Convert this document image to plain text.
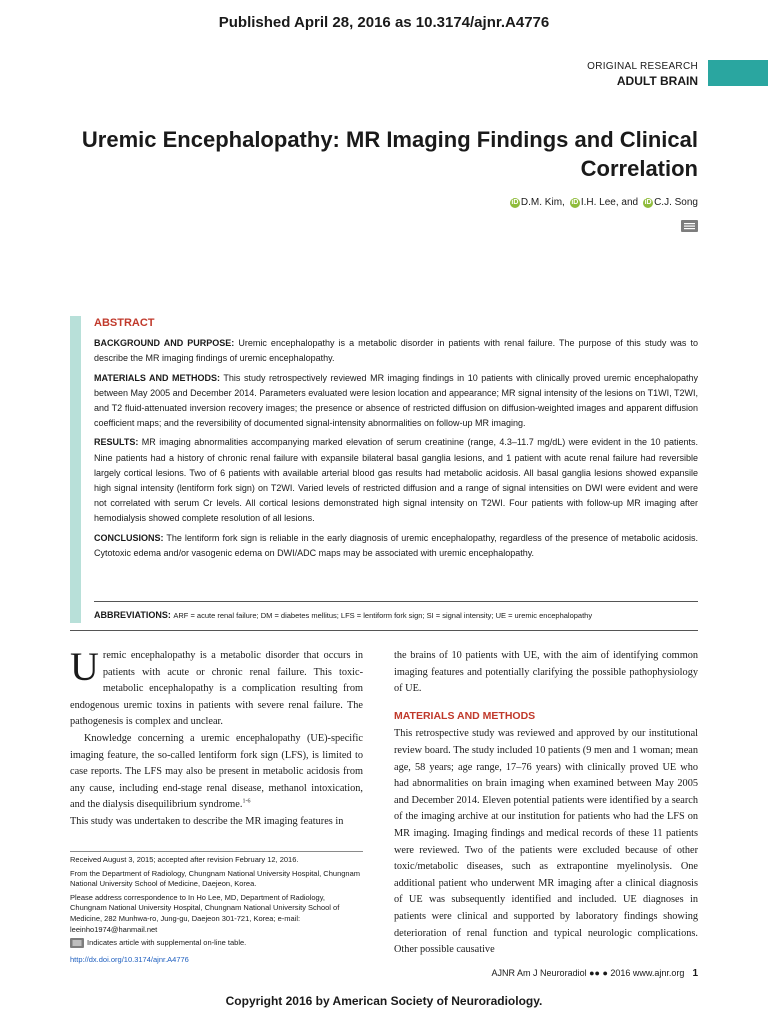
Published April 28, 2016 as 10.3174/ajnr.A4776
ORIGINAL RESEARCH
ADULT BRAIN
Uremic Encephalopathy: MR Imaging Findings and Clinical Correlation
iD D.M. Kim, iD I.H. Lee, and iD C.J. Song
ABSTRACT

BACKGROUND AND PURPOSE: Uremic encephalopathy is a metabolic disorder in patients with renal failure. The purpose of this study was to describe the MR imaging findings of uremic encephalopathy.

MATERIALS AND METHODS: This study retrospectively reviewed MR imaging findings in 10 patients with clinically proved uremic encephalopathy between May 2005 and December 2014. Parameters evaluated were lesion location and appearance; MR signal intensity of the lesions on T1WI, T2WI, and T2 fluid-attenuated inversion recovery images; the presence or absence of restricted diffusion on diffusion-weighted images and apparent diffusion coefficient maps; and the reversibility of documented signal-intensity abnormalities on follow-up MR imaging.

RESULTS: MR imaging abnormalities accompanying marked elevation of serum creatinine (range, 4.3–11.7 mg/dL) were evident in the 10 patients. Nine patients had a history of chronic renal failure with expansile bilateral basal ganglia lesions, and 1 patient with acute renal failure had reversible largely cortical lesions. Two of 6 patients with available arterial blood gas results had metabolic acidosis. All basal ganglia lesions showed expansile high signal intensity (lentiform fork sign) on T2WI. Varied levels of restricted diffusion and a range of signal intensities on DWI were evident and were not correlated with serum Cr levels. All cortical lesions demonstrated high signal intensity on T2WI. Four patients with follow-up MR imaging after hemodialysis showed complete resolution of all lesions.

CONCLUSIONS: The lentiform fork sign is reliable in the early diagnosis of uremic encephalopathy, regardless of the presence of metabolic acidosis. Cytotoxic edema and/or vasogenic edema on DWI/ADC maps may be associated with uremic encephalopathy.

ABBREVIATIONS: ARF = acute renal failure; DM = diabetes mellitus; LFS = lentiform fork sign; SI = signal intensity; UE = uremic encephalopathy

Uremic encephalopathy is a metabolic disorder that occurs in patients with acute or chronic renal failure. This toxic-metabolic encephalopathy is a complication resulting from endogenous uremic toxins in patients with severe renal failure. The pathogenesis is complex and unclear.

Knowledge concerning a uremic encephalopathy (UE)-specific imaging feature, the so-called lentiform fork sign (LFS), is limited to case reports. The LFS may also be present in metabolic acidosis from any cause, including end-stage renal disease, methanol intoxication, and the dialysis disequilibrium syndrome.$^{1-6}$

This study was undertaken to describe the MR imaging features in

the brains of 10 patients with UE, with the aim of identifying common imaging features and potentially clarifying the possible pathophysiology of UE.

MATERIALS AND METHODS

This retrospective study was reviewed and approved by our institutional review board. The study included 10 patients (9 men and 1 woman; mean age, 58 years; age range, 17–76 years) with clinically proved UE who had abnormalities on brain imaging when examined between May 2005 and December 2014. Eleven potential patients were identified by a search of the imaging archive at our institution for patients who had the LFS on MR imaging. Imaging findings and medical records of these 11 patients were reviewed. Two of the patients were excluded because of other toxic/metabolic diseases, such as extrapontine myelinolysis. One additional patient who underwent MR imaging after a clinical diagnosis of UE was subsequently identified and included. UE diagnoses in patients were clinical and supported by laboratory findings showing deterioration of renal function and typical neurologic complications. Other possible causative

Received August 3, 2015; accepted after revision February 12, 2016.

From the Department of Radiology, Chungnam National University Hospital, Chungnam National University School of Medicine, Daejeon, Korea.

Please address correspondence to In Ho Lee, MD, Department of Radiology, Chungnam National University Hospital, Chungnam National University School of Medicine, 282 Munhwa-ro, Jung-gu, Daejeon 301-721, Korea; e-mail: leeinho1974@hanmail.net

Indicates article with supplemental on-line table.

http://dx.doi.org/10.3174/ajnr.A4776

AJNR Am J Neuroradiol ●● ● 2016 www.ajnr.org 1
Copyright 2016 by American Society of Neuroradiology.
